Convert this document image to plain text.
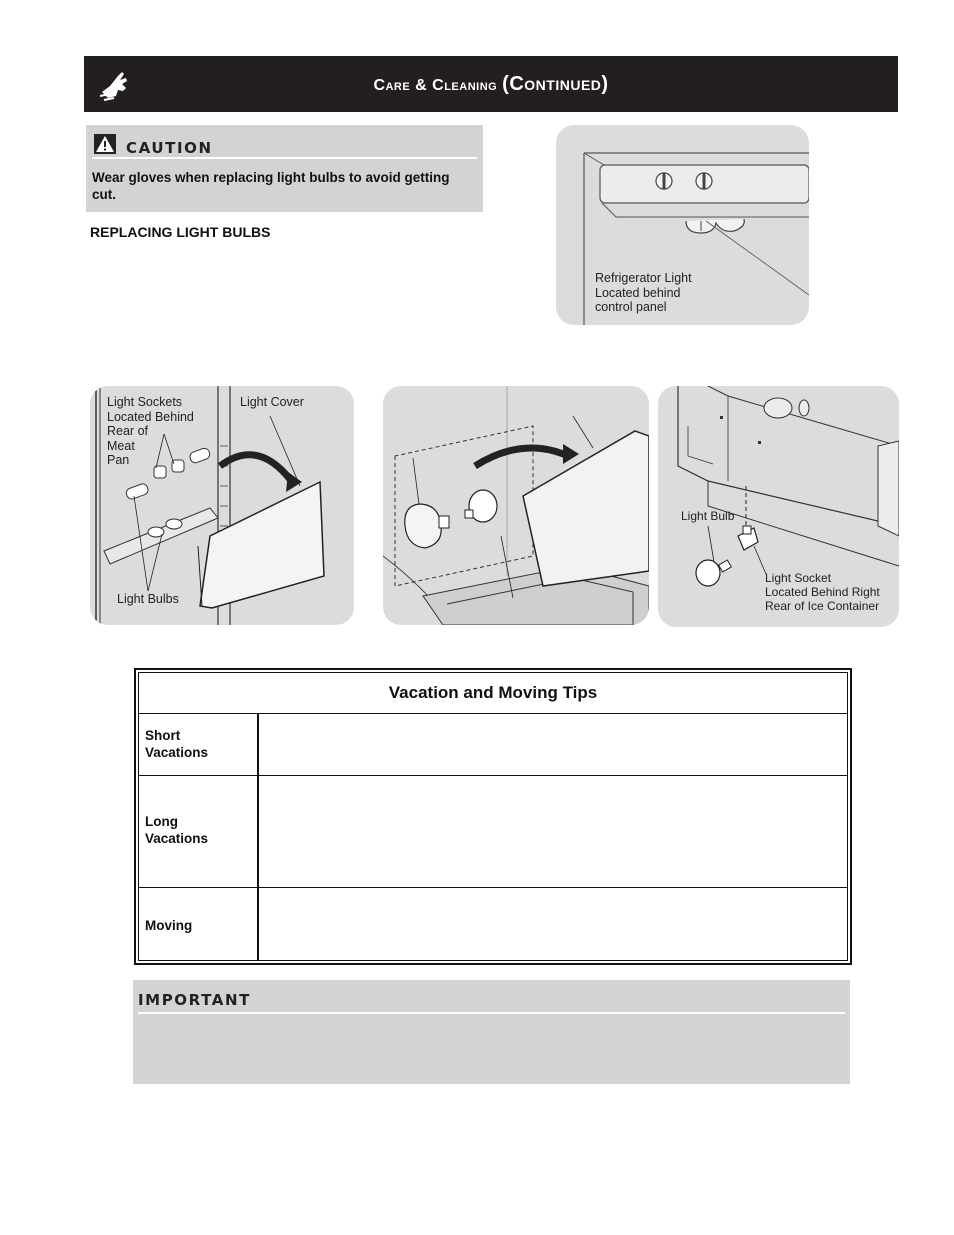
Care & Cleaning (Continued)
CAUTION
Wear gloves when replacing light bulbs to avoid getting cut.
REPLACING LIGHT BULBS
Refrigerator Light
Located behind
control panel
Light Sockets
Located Behind
Rear of
Meat
Pan
Light Cover
Light Bulbs
Light Bulb
Light Socket
Located Behind Right
Rear of Ice Container
Vacation and Moving Tips
Short
Vacations
Long
Vacations
Moving
IMPORTANT
